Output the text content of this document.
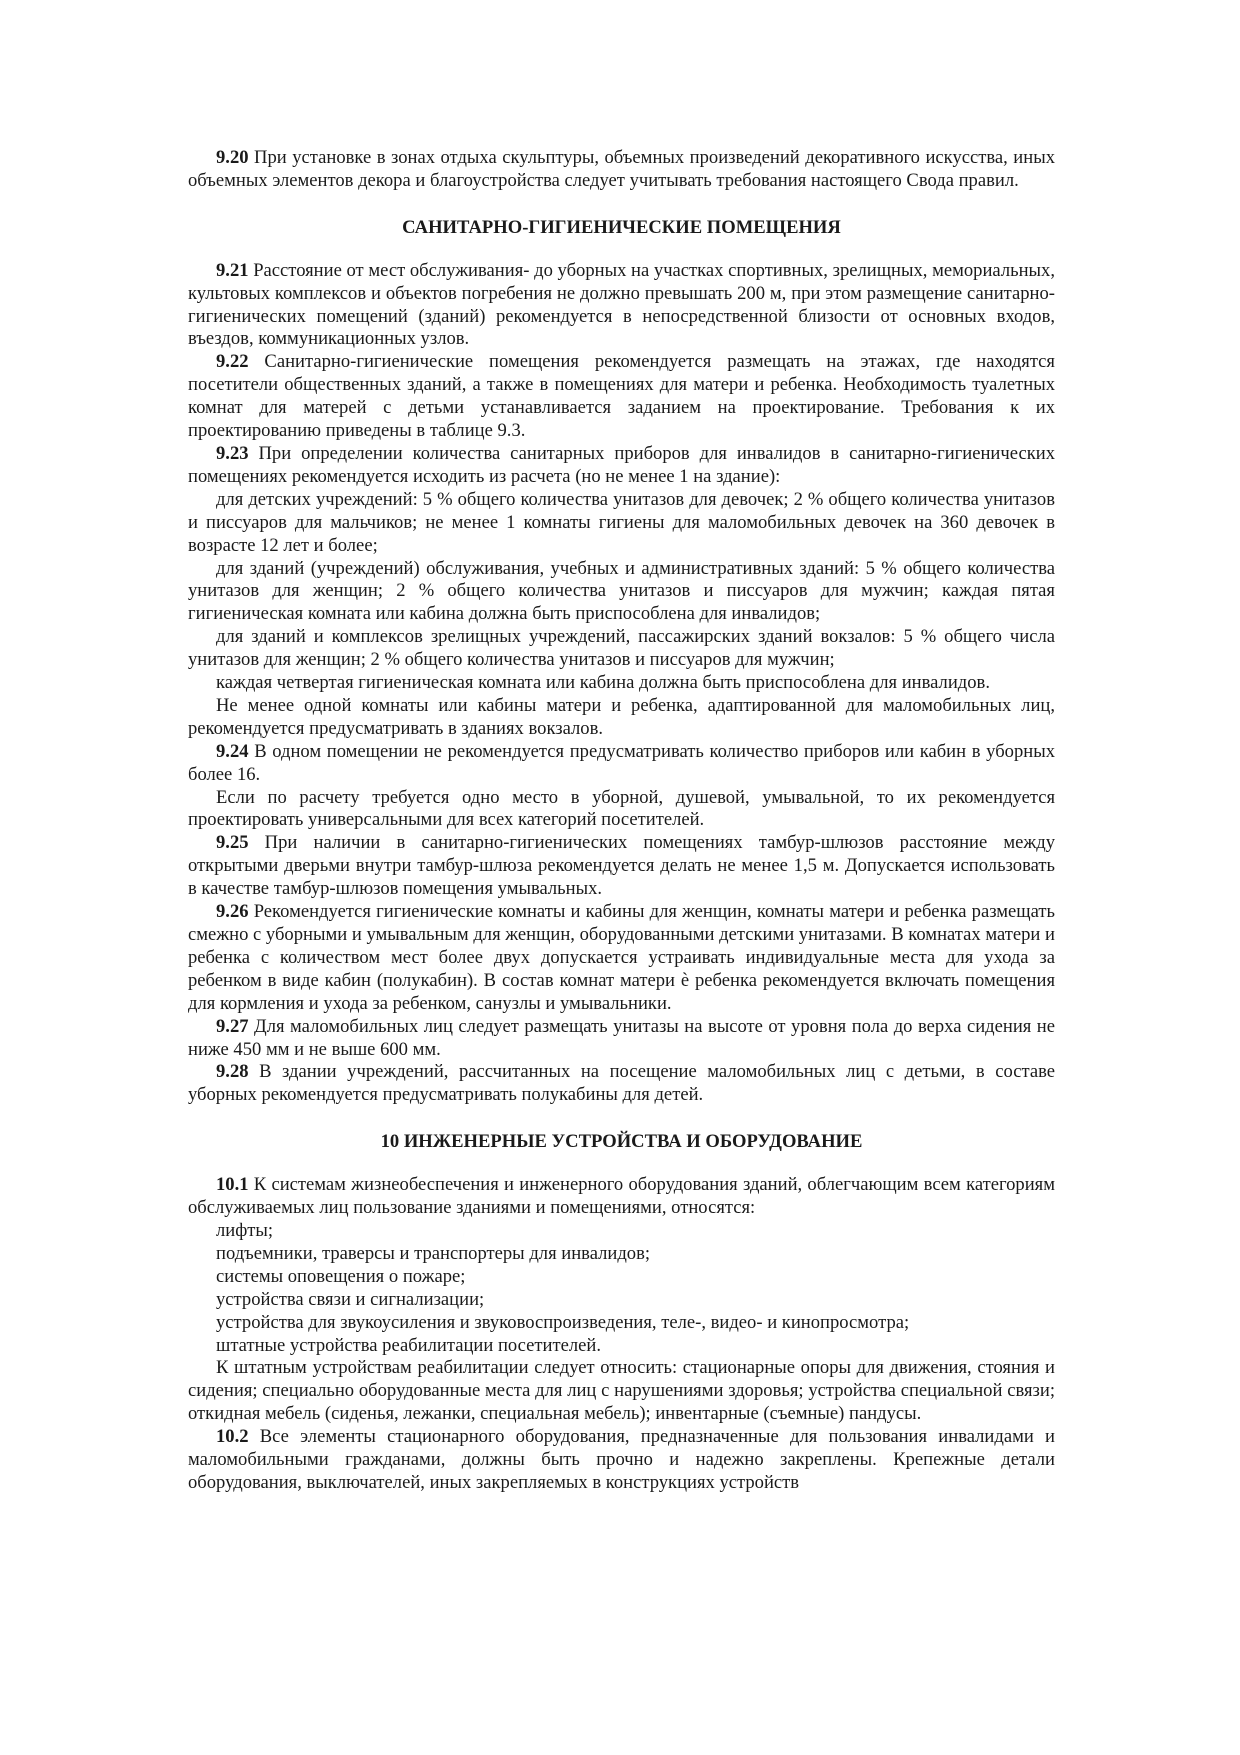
9.20 При установке в зонах отдыха скульптуры, объемных произведений декоративного искусства, иных объемных элементов декора и благоустройства следует учитывать требования настоящего Свода правил.

САНИТАРНО-ГИГИЕНИЧЕСКИЕ ПОМЕЩЕНИЯ

9.21 Расстояние от мест обслуживания- до уборных на участках спортивных, зрелищных, мемориальных, культовых комплексов и объектов погребения не должно превышать 200 м, при этом размещение санитарно-гигиенических помещений (зданий) рекомендуется в непосредственной близости от основных входов, въездов, коммуникационных узлов.

9.22 Санитарно-гигиенические помещения рекомендуется размещать на этажах, где находятся посетители общественных зданий, а также в помещениях для матери и ребенка. Необходимость туалетных комнат для матерей с детьми устанавливается заданием на проектирование. Требования к их проектированию приведены в таблице 9.3.

9.23 При определении количества санитарных приборов для инвалидов в санитарно-гигиенических помещениях рекомендуется исходить из расчета (но не менее 1 на здание):

для детских учреждений: 5 % общего количества унитазов для девочек; 2 % общего количества унитазов и писсуаров для мальчиков; не менее 1 комнаты гигиены для маломобильных девочек на 360 девочек в возрасте 12 лет и более;

для зданий (учреждений) обслуживания, учебных и административных зданий: 5 % общего количества унитазов для женщин; 2 % общего количества унитазов и писсуаров для мужчин; каждая пятая гигиеническая комната или кабина должна быть приспособлена для инвалидов;

для зданий и комплексов зрелищных учреждений, пассажирских зданий вокзалов: 5 % общего числа унитазов для женщин; 2 % общего количества унитазов и писсуаров для мужчин;

каждая четвертая гигиеническая комната или кабина должна быть приспособлена для инвалидов.

Не менее одной комнаты или кабины матери и ребенка, адаптированной для маломобильных лиц, рекомендуется предусматривать в зданиях вокзалов.

9.24 В одном помещении не рекомендуется предусматривать количество приборов или кабин в уборных более 16.

Если по расчету требуется одно место в уборной, душевой, умывальной, то их рекомендуется проектировать универсальными для всех категорий посетителей.

9.25 При наличии в санитарно-гигиенических помещениях тамбур-шлюзов расстояние между открытыми дверьми внутри тамбур-шлюза рекомендуется делать не менее 1,5 м. Допускается использовать в качестве тамбур-шлюзов помещения умывальных.

9.26 Рекомендуется гигиенические комнаты и кабины для женщин, комнаты матери и ребенка размещать смежно с уборными и умывальным для женщин, оборудованными детскими унитазами. В комнатах матери и ребенка с количеством мест более двух допускается устраивать индивидуальные места для ухода за ребенком в виде кабин (полукабин). В состав комнат матери è ребенка рекомендуется включать помещения для кормления и ухода за ребенком, санузлы и умывальники.

9.27 Для маломобильных лиц следует размещать унитазы на высоте от уровня пола до верха сидения не ниже 450 мм и не выше 600 мм.

9.28 В здании учреждений, рассчитанных на посещение маломобильных лиц с детьми, в составе уборных рекомендуется предусматривать полукабины для детей.

10 ИНЖЕНЕРНЫЕ УСТРОЙСТВА И ОБОРУДОВАНИЕ

10.1 К системам жизнеобеспечения и инженерного оборудования зданий, облегчающим всем категориям обслуживаемых лиц пользование зданиями и помещениями, относятся:

лифты;

подъемники, траверсы и транспортеры для инвалидов;

системы оповещения о пожаре;

устройства связи и сигнализации;

устройства для звукоусиления и звуковоспроизведения, теле-, видео- и кинопросмотра;

штатные устройства реабилитации посетителей.

К штатным устройствам реабилитации следует относить: стационарные опоры для движения, стояния и сидения; специально оборудованные места для лиц с нарушениями здоровья; устройства специальной связи; откидная мебель (сиденья, лежанки, специальная мебель); инвентарные (съемные) пандусы.

10.2 Все элементы стационарного оборудования, предназначенные для пользования инвалидами и маломобильными гражданами, должны быть прочно и надежно закреплены. Крепежные детали оборудования, выключателей, иных закрепляемых в конструкциях устройств
